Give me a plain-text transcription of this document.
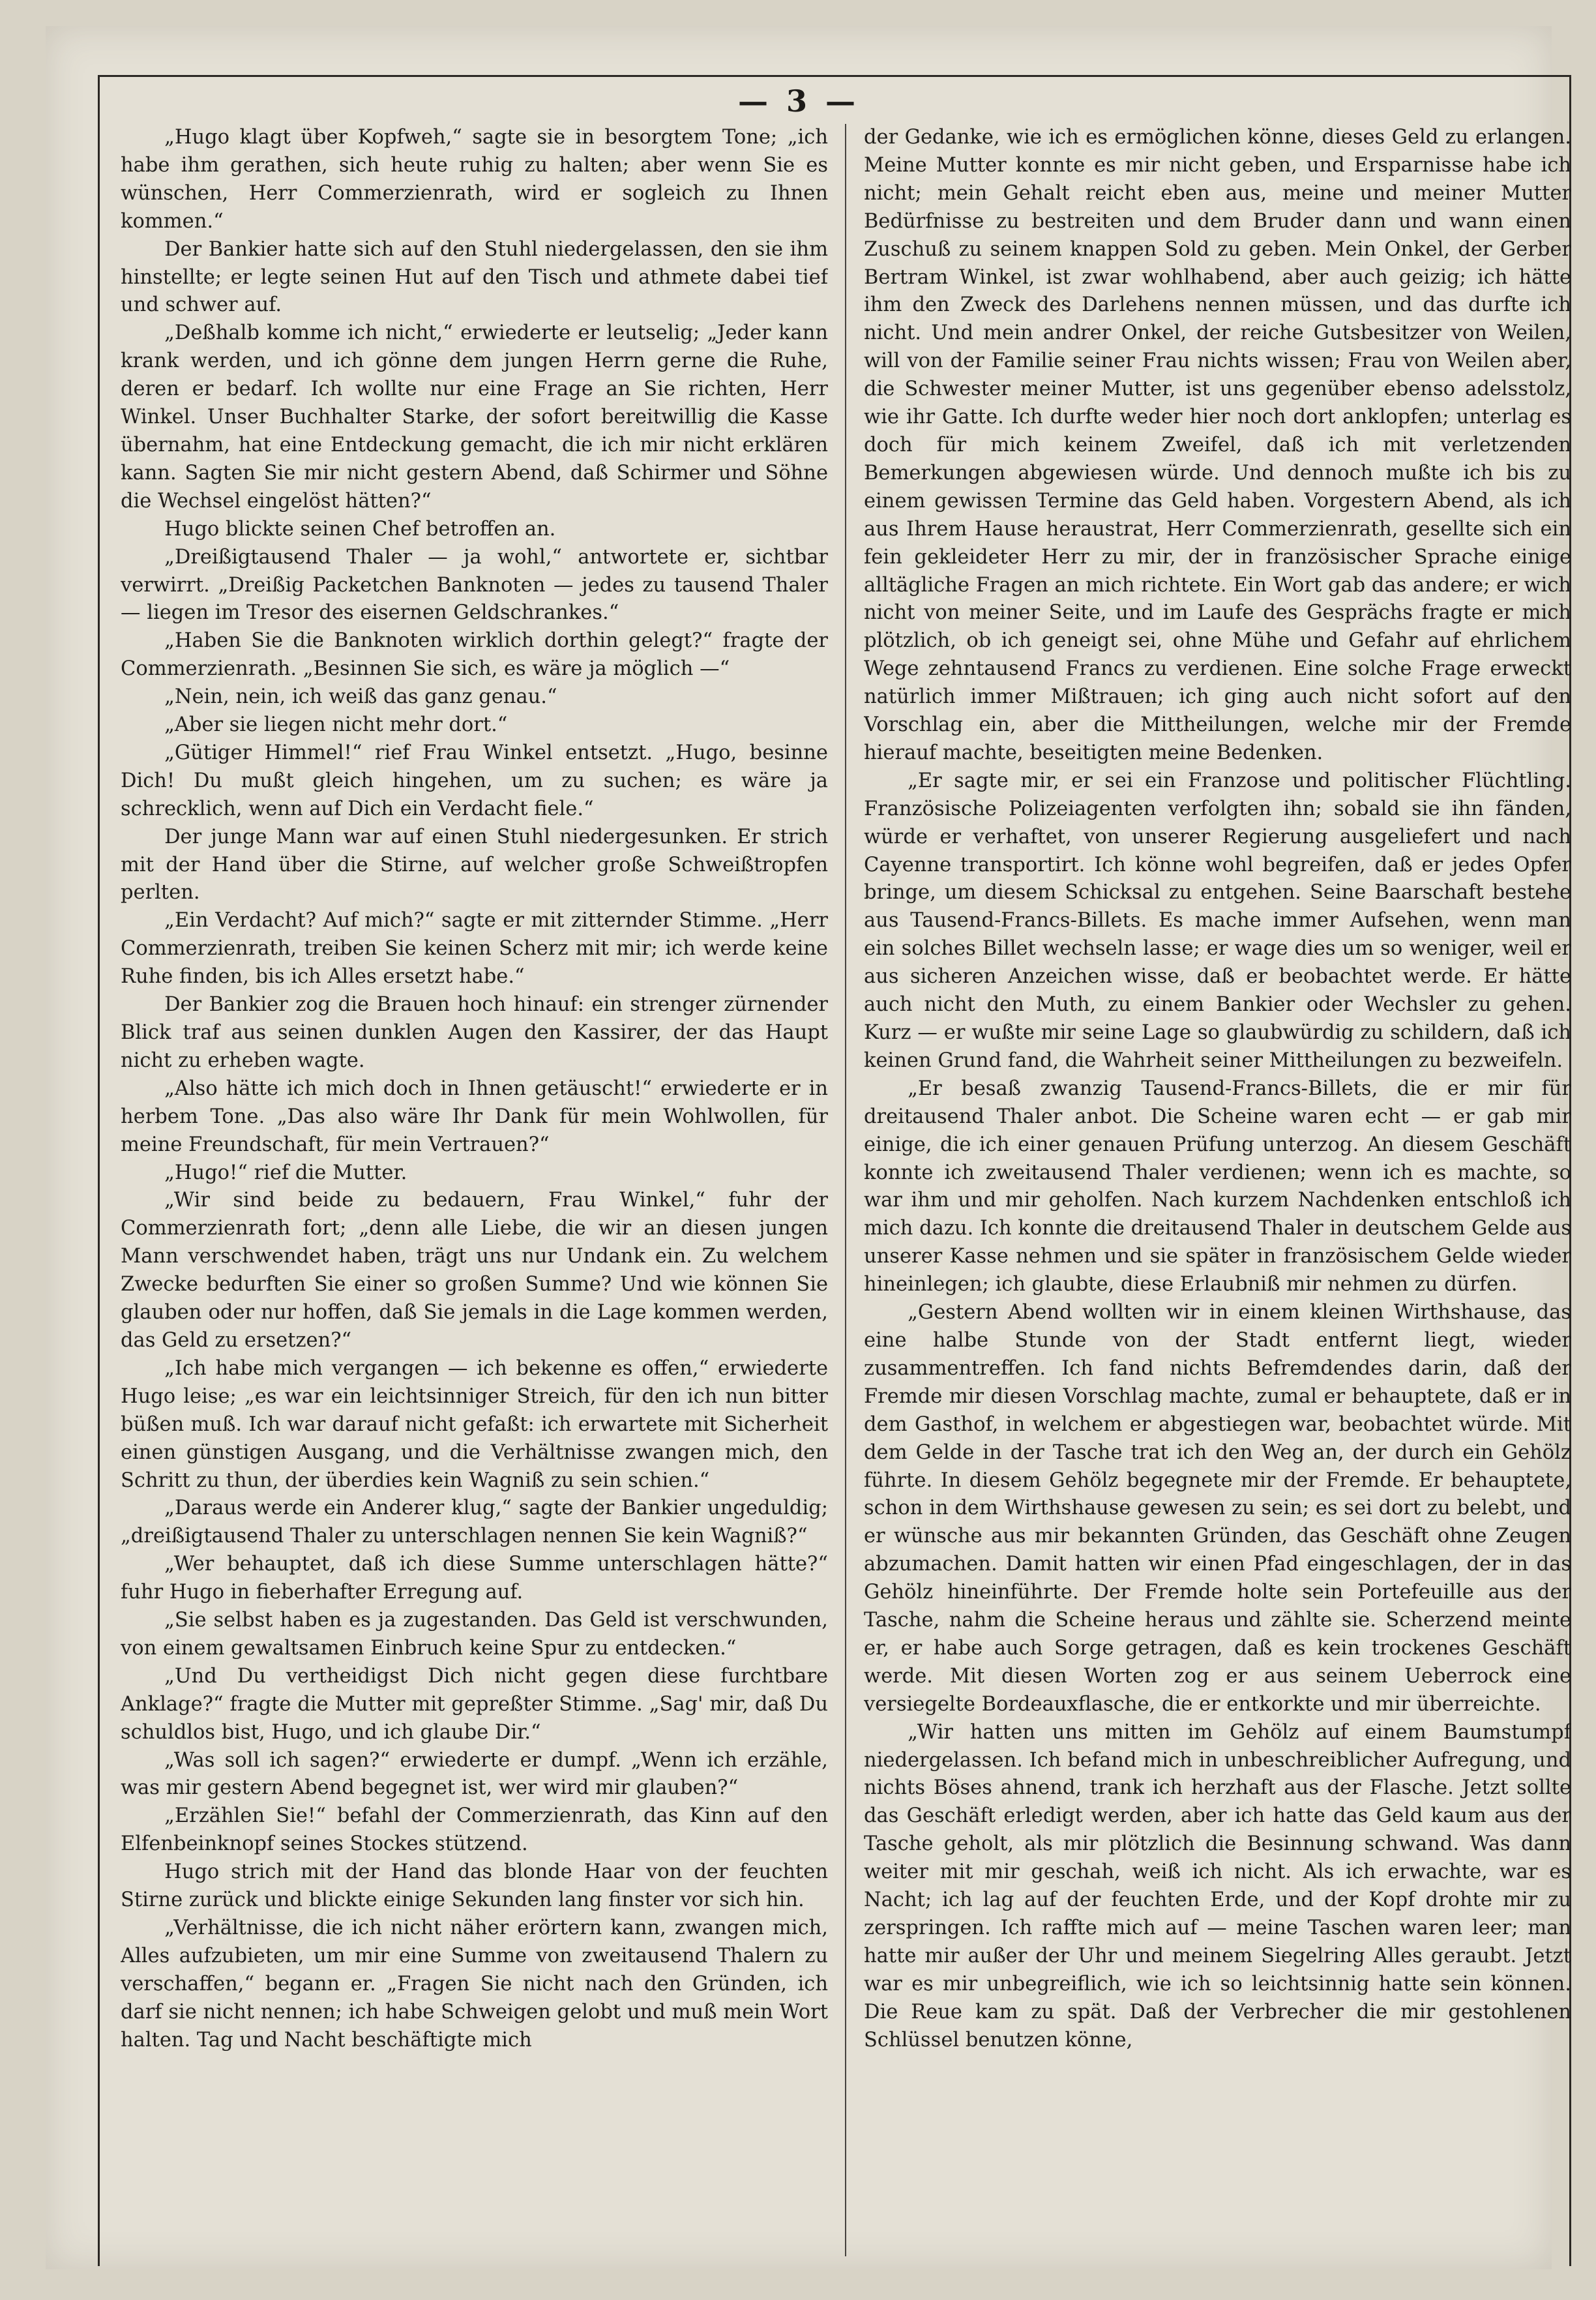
— 3 —

„Hugo klagt über Kopfweh,“ sagte sie in besorgtem Tone; „ich habe ihm gerathen, sich heute ruhig zu halten; aber wenn Sie es wünschen, Herr Commerzienrath, wird er sogleich zu Ihnen kommen.“

Der Bankier hatte sich auf den Stuhl niedergelassen, den sie ihm hinstellte; er legte seinen Hut auf den Tisch und athmete dabei tief und schwer auf.

„Deßhalb komme ich nicht,“ erwiederte er leutselig; „Jeder kann krank werden, und ich gönne dem jungen Herrn gerne die Ruhe, deren er bedarf. Ich wollte nur eine Frage an Sie richten, Herr Winkel. Unser Buchhalter Starke, der sofort bereitwillig die Kasse übernahm, hat eine Entdeckung gemacht, die ich mir nicht erklären kann. Sagten Sie mir nicht gestern Abend, daß Schirmer und Söhne die Wechsel eingelöst hätten?“

Hugo blickte seinen Chef betroffen an.

„Dreißigtausend Thaler — ja wohl,“ antwortete er, sichtbar verwirrt. „Dreißig Packetchen Banknoten — jedes zu tausend Thaler — liegen im Tresor des eisernen Geldschrankes.“

„Haben Sie die Banknoten wirklich dorthin gelegt?“ fragte der Commerzienrath. „Besinnen Sie sich, es wäre ja möglich —“

„Nein, nein, ich weiß das ganz genau.“

„Aber sie liegen nicht mehr dort.“

„Gütiger Himmel!“ rief Frau Winkel entsetzt. „Hugo, besinne Dich! Du mußt gleich hingehen, um zu suchen; es wäre ja schrecklich, wenn auf Dich ein Verdacht fiele.“

Der junge Mann war auf einen Stuhl niedergesunken. Er strich mit der Hand über die Stirne, auf welcher große Schweißtropfen perlten.

„Ein Verdacht? Auf mich?“ sagte er mit zitternder Stimme. „Herr Commerzienrath, treiben Sie keinen Scherz mit mir; ich werde keine Ruhe finden, bis ich Alles ersetzt habe.“

Der Bankier zog die Brauen hoch hinauf: ein strenger zürnender Blick traf aus seinen dunklen Augen den Kassirer, der das Haupt nicht zu erheben wagte.

„Also hätte ich mich doch in Ihnen getäuscht!“ erwiederte er in herbem Tone. „Das also wäre Ihr Dank für mein Wohlwollen, für meine Freundschaft, für mein Vertrauen?“

„Hugo!“ rief die Mutter.

„Wir sind beide zu bedauern, Frau Winkel,“ fuhr der Commerzienrath fort; „denn alle Liebe, die wir an diesen jungen Mann verschwendet haben, trägt uns nur Undank ein. Zu welchem Zwecke bedurften Sie einer so großen Summe? Und wie können Sie glauben oder nur hoffen, daß Sie jemals in die Lage kommen werden, das Geld zu ersetzen?“

„Ich habe mich vergangen — ich bekenne es offen,“ erwiederte Hugo leise; „es war ein leichtsinniger Streich, für den ich nun bitter büßen muß. Ich war darauf nicht gefaßt: ich erwartete mit Sicherheit einen günstigen Ausgang, und die Verhältnisse zwangen mich, den Schritt zu thun, der überdies kein Wagniß zu sein schien.“

„Daraus werde ein Anderer klug,“ sagte der Bankier ungeduldig; „dreißigtausend Thaler zu unterschlagen nennen Sie kein Wagniß?“

„Wer behauptet, daß ich diese Summe unterschlagen hätte?“ fuhr Hugo in fieberhafter Erregung auf.

„Sie selbst haben es ja zugestanden. Das Geld ist verschwunden, von einem gewaltsamen Einbruch keine Spur zu entdecken.“

„Und Du vertheidigst Dich nicht gegen diese furchtbare Anklage?“ fragte die Mutter mit gepreßter Stimme. „Sag' mir, daß Du schuldlos bist, Hugo, und ich glaube Dir.“

„Was soll ich sagen?“ erwiederte er dumpf. „Wenn ich erzähle, was mir gestern Abend begegnet ist, wer wird mir glauben?“

„Erzählen Sie!“ befahl der Commerzienrath, das Kinn auf den Elfenbeinknopf seines Stockes stützend.

Hugo strich mit der Hand das blonde Haar von der feuchten Stirne zurück und blickte einige Sekunden lang finster vor sich hin.

„Verhältnisse, die ich nicht näher erörtern kann, zwangen mich, Alles aufzubieten, um mir eine Summe von zweitausend Thalern zu verschaffen,“ begann er. „Fragen Sie nicht nach den Gründen, ich darf sie nicht nennen; ich habe Schweigen gelobt und muß mein Wort halten. Tag und Nacht beschäftigte mich

der Gedanke, wie ich es ermöglichen könne, dieses Geld zu erlangen. Meine Mutter konnte es mir nicht geben, und Ersparnisse habe ich nicht; mein Gehalt reicht eben aus, meine und meiner Mutter Bedürfnisse zu bestreiten und dem Bruder dann und wann einen Zuschuß zu seinem knappen Sold zu geben. Mein Onkel, der Gerber Bertram Winkel, ist zwar wohlhabend, aber auch geizig; ich hätte ihm den Zweck des Darlehens nennen müssen, und das durfte ich nicht. Und mein andrer Onkel, der reiche Gutsbesitzer von Weilen, will von der Familie seiner Frau nichts wissen; Frau von Weilen aber, die Schwester meiner Mutter, ist uns gegenüber ebenso adelsstolz, wie ihr Gatte. Ich durfte weder hier noch dort anklopfen; unterlag es doch für mich keinem Zweifel, daß ich mit verletzenden Bemerkungen abgewiesen würde. Und dennoch mußte ich bis zu einem gewissen Termine das Geld haben. Vorgestern Abend, als ich aus Ihrem Hause heraustrat, Herr Commerzienrath, gesellte sich ein fein gekleideter Herr zu mir, der in französischer Sprache einige alltägliche Fragen an mich richtete. Ein Wort gab das andere; er wich nicht von meiner Seite, und im Laufe des Gesprächs fragte er mich plötzlich, ob ich geneigt sei, ohne Mühe und Gefahr auf ehrlichem Wege zehntausend Francs zu verdienen. Eine solche Frage erweckt natürlich immer Mißtrauen; ich ging auch nicht sofort auf den Vorschlag ein, aber die Mittheilungen, welche mir der Fremde hierauf machte, beseitigten meine Bedenken.

„Er sagte mir, er sei ein Franzose und politischer Flüchtling. Französische Polizeiagenten verfolgten ihn; sobald sie ihn fänden, würde er verhaftet, von unserer Regierung ausgeliefert und nach Cayenne transportirt. Ich könne wohl begreifen, daß er jedes Opfer bringe, um diesem Schicksal zu entgehen. Seine Baarschaft bestehe aus Tausend-Francs-Billets. Es mache immer Aufsehen, wenn man ein solches Billet wechseln lasse; er wage dies um so weniger, weil er aus sicheren Anzeichen wisse, daß er beobachtet werde. Er hätte auch nicht den Muth, zu einem Bankier oder Wechsler zu gehen. Kurz — er wußte mir seine Lage so glaubwürdig zu schildern, daß ich keinen Grund fand, die Wahrheit seiner Mittheilungen zu bezweifeln.

„Er besaß zwanzig Tausend-Francs-Billets, die er mir für dreitausend Thaler anbot. Die Scheine waren echt — er gab mir einige, die ich einer genauen Prüfung unterzog. An diesem Geschäft konnte ich zweitausend Thaler verdienen; wenn ich es machte, so war ihm und mir geholfen. Nach kurzem Nachdenken entschloß ich mich dazu. Ich konnte die dreitausend Thaler in deutschem Gelde aus unserer Kasse nehmen und sie später in französischem Gelde wieder hineinlegen; ich glaubte, diese Erlaubniß mir nehmen zu dürfen.

„Gestern Abend wollten wir in einem kleinen Wirthshause, das eine halbe Stunde von der Stadt entfernt liegt, wieder zusammentreffen. Ich fand nichts Befremdendes darin, daß der Fremde mir diesen Vorschlag machte, zumal er behauptete, daß er in dem Gasthof, in welchem er abgestiegen war, beobachtet würde. Mit dem Gelde in der Tasche trat ich den Weg an, der durch ein Gehölz führte. In diesem Gehölz begegnete mir der Fremde. Er behauptete, schon in dem Wirthshause gewesen zu sein; es sei dort zu belebt, und er wünsche aus mir bekannten Gründen, das Geschäft ohne Zeugen abzumachen. Damit hatten wir einen Pfad eingeschlagen, der in das Gehölz hineinführte. Der Fremde holte sein Portefeuille aus der Tasche, nahm die Scheine heraus und zählte sie. Scherzend meinte er, er habe auch Sorge getragen, daß es kein trockenes Geschäft werde. Mit diesen Worten zog er aus seinem Ueberrock eine versiegelte Bordeauxflasche, die er entkorkte und mir überreichte.

„Wir hatten uns mitten im Gehölz auf einem Baumstumpf niedergelassen. Ich befand mich in unbeschreiblicher Aufregung, und nichts Böses ahnend, trank ich herzhaft aus der Flasche. Jetzt sollte das Geschäft erledigt werden, aber ich hatte das Geld kaum aus der Tasche geholt, als mir plötzlich die Besinnung schwand. Was dann weiter mit mir geschah, weiß ich nicht. Als ich erwachte, war es Nacht; ich lag auf der feuchten Erde, und der Kopf drohte mir zu zerspringen. Ich raffte mich auf — meine Taschen waren leer; man hatte mir außer der Uhr und meinem Siegelring Alles geraubt. Jetzt war es mir unbegreiflich, wie ich so leichtsinnig hatte sein können. Die Reue kam zu spät. Daß der Verbrecher die mir gestohlenen Schlüssel benutzen könne,
